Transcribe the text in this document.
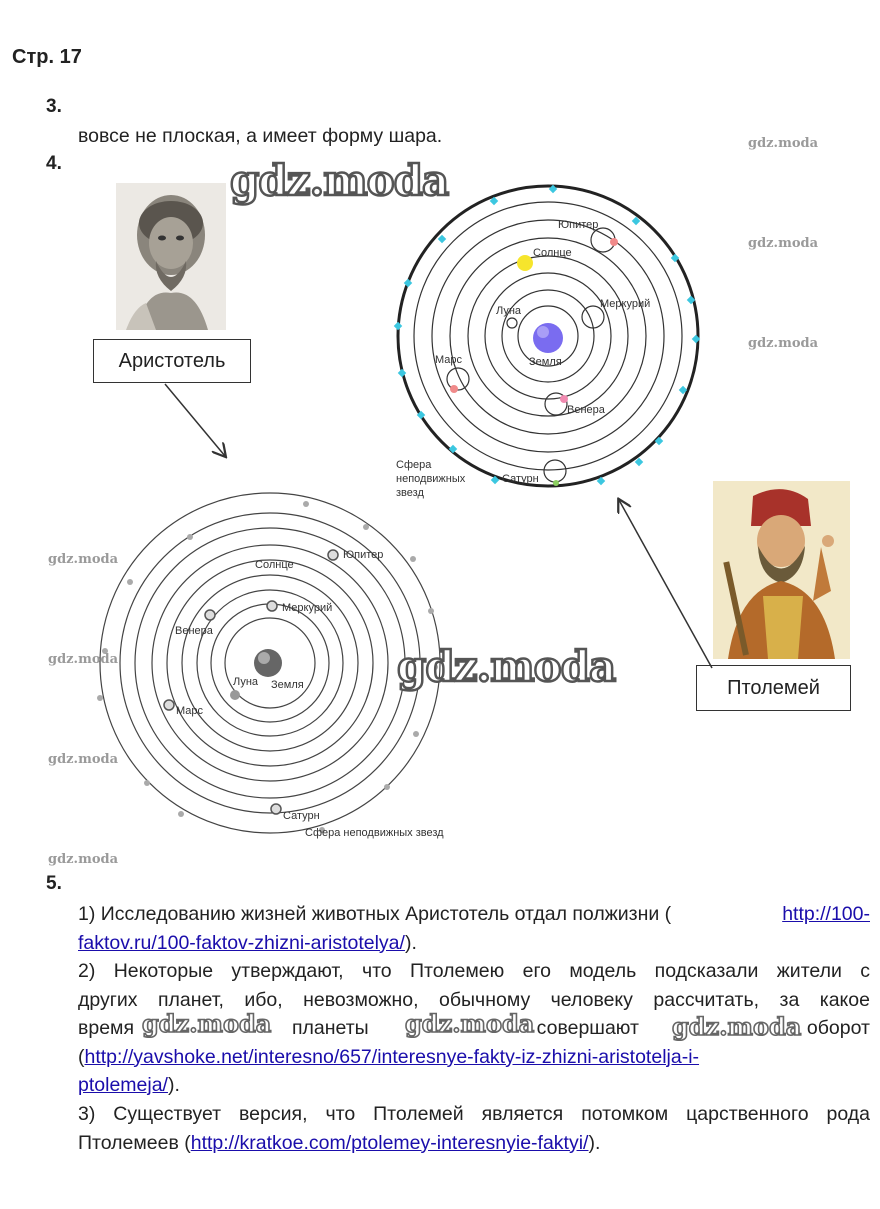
Стр. 17
3.
вовсе не плоская, а имеет форму шара.
4.
Аристотель
Птолемей
Юпитер
Солнце
Меркурий
Луна
Земля
Марс
Венера
Сатурн
Сфера
неподвижных
звезд
Юпитер
Солнце
Меркурий
Венера
Луна Земля
Марс
Сатурн
Сфера неподвижных звезд
gdz.moda
gdz.moda
gdz.moda
gdz.moda
gdz.moda
gdz.moda
gdz.moda
gdz.moda
gdz.moda
5.
1) Исследованию жизней животных Аристотель отдал полжизни (	http://100-
faktov.ru/100-faktov-zhizni-aristotelya/).
2) Некоторые утверждают, что Птолемею его модель подсказали жители с
других планет, ибо, невозможно, обычному человеку рассчитать, за какое
время	планеты	совершают	оборот
(http://yavshoke.net/interesno/657/interesnye-fakty-iz-zhizni-aristotelja-i-
ptolemeja/).
gdz.moda	gdz.moda	gdz.moda
3) Существует версия, что Птолемей является потомком царственного рода
Птолемеев (http://kratkoe.com/ptolemey-interesnyie-faktyi/).
